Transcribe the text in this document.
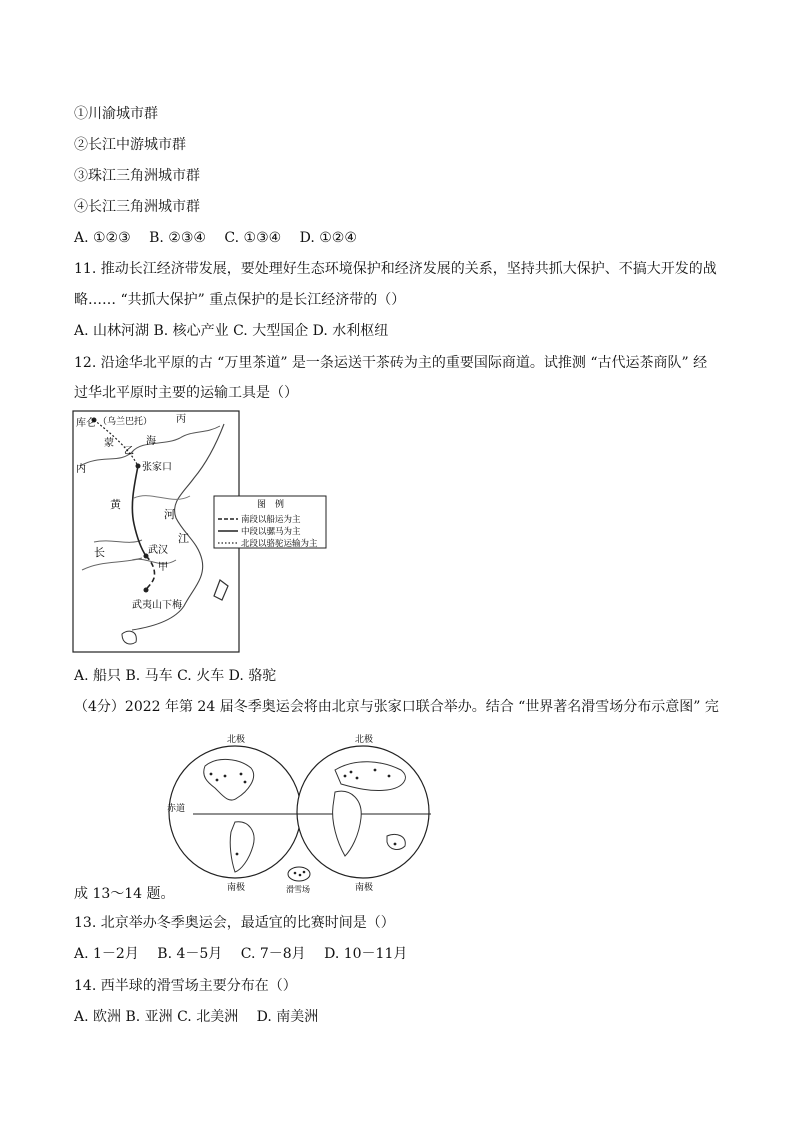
①川渝城市群
②长江中游城市群
③珠江三角洲城市群
④长江三角洲城市群
A. ①②③　 B. ②③④　 C. ①③④　 D. ①②④
11. 推动长江经济带发展，要处理好生态环境保护和经济发展的关系，坚持共抓大保护、不搞大开发的战
略…… “共抓大保护” 重点保护的是长江经济带的（）
A. 山林河湖 B. 核心产业 C. 大型国企 D. 水利枢纽
12. 沿途华北平原的古 “万里茶道” 是一条运送干茶砖为主的重要国际商道。试推测 “古代运茶商队” 经
过华北平原时主要的运输工具是（）
库仑 （乌兰巴托）
张家口
武汉
武夷山下梅
甲
乙
丙
黄
河
长
江
内
蒙	海
图　例
南段以船运为主
中段以骡马为主
北段以骆驼运输为主
A. 船只 B. 马车 C. 火车 D. 骆驼
（4分）2022 年第 24 届冬季奥运会将由北京与张家口联合举办。结合 “世界著名滑雪场分布示意图” 完
北极	北极
赤道
南极	南极
滑雪场
成 13～14 题。
13. 北京举办冬季奥运会，最适宜的比赛时间是（）
A. 1－2月　 B. 4－5月　 C. 7－8月　 D. 10－11月
14. 西半球的滑雪场主要分布在（）
A. 欧洲 B. 亚洲 C. 北美洲　 D. 南美洲
